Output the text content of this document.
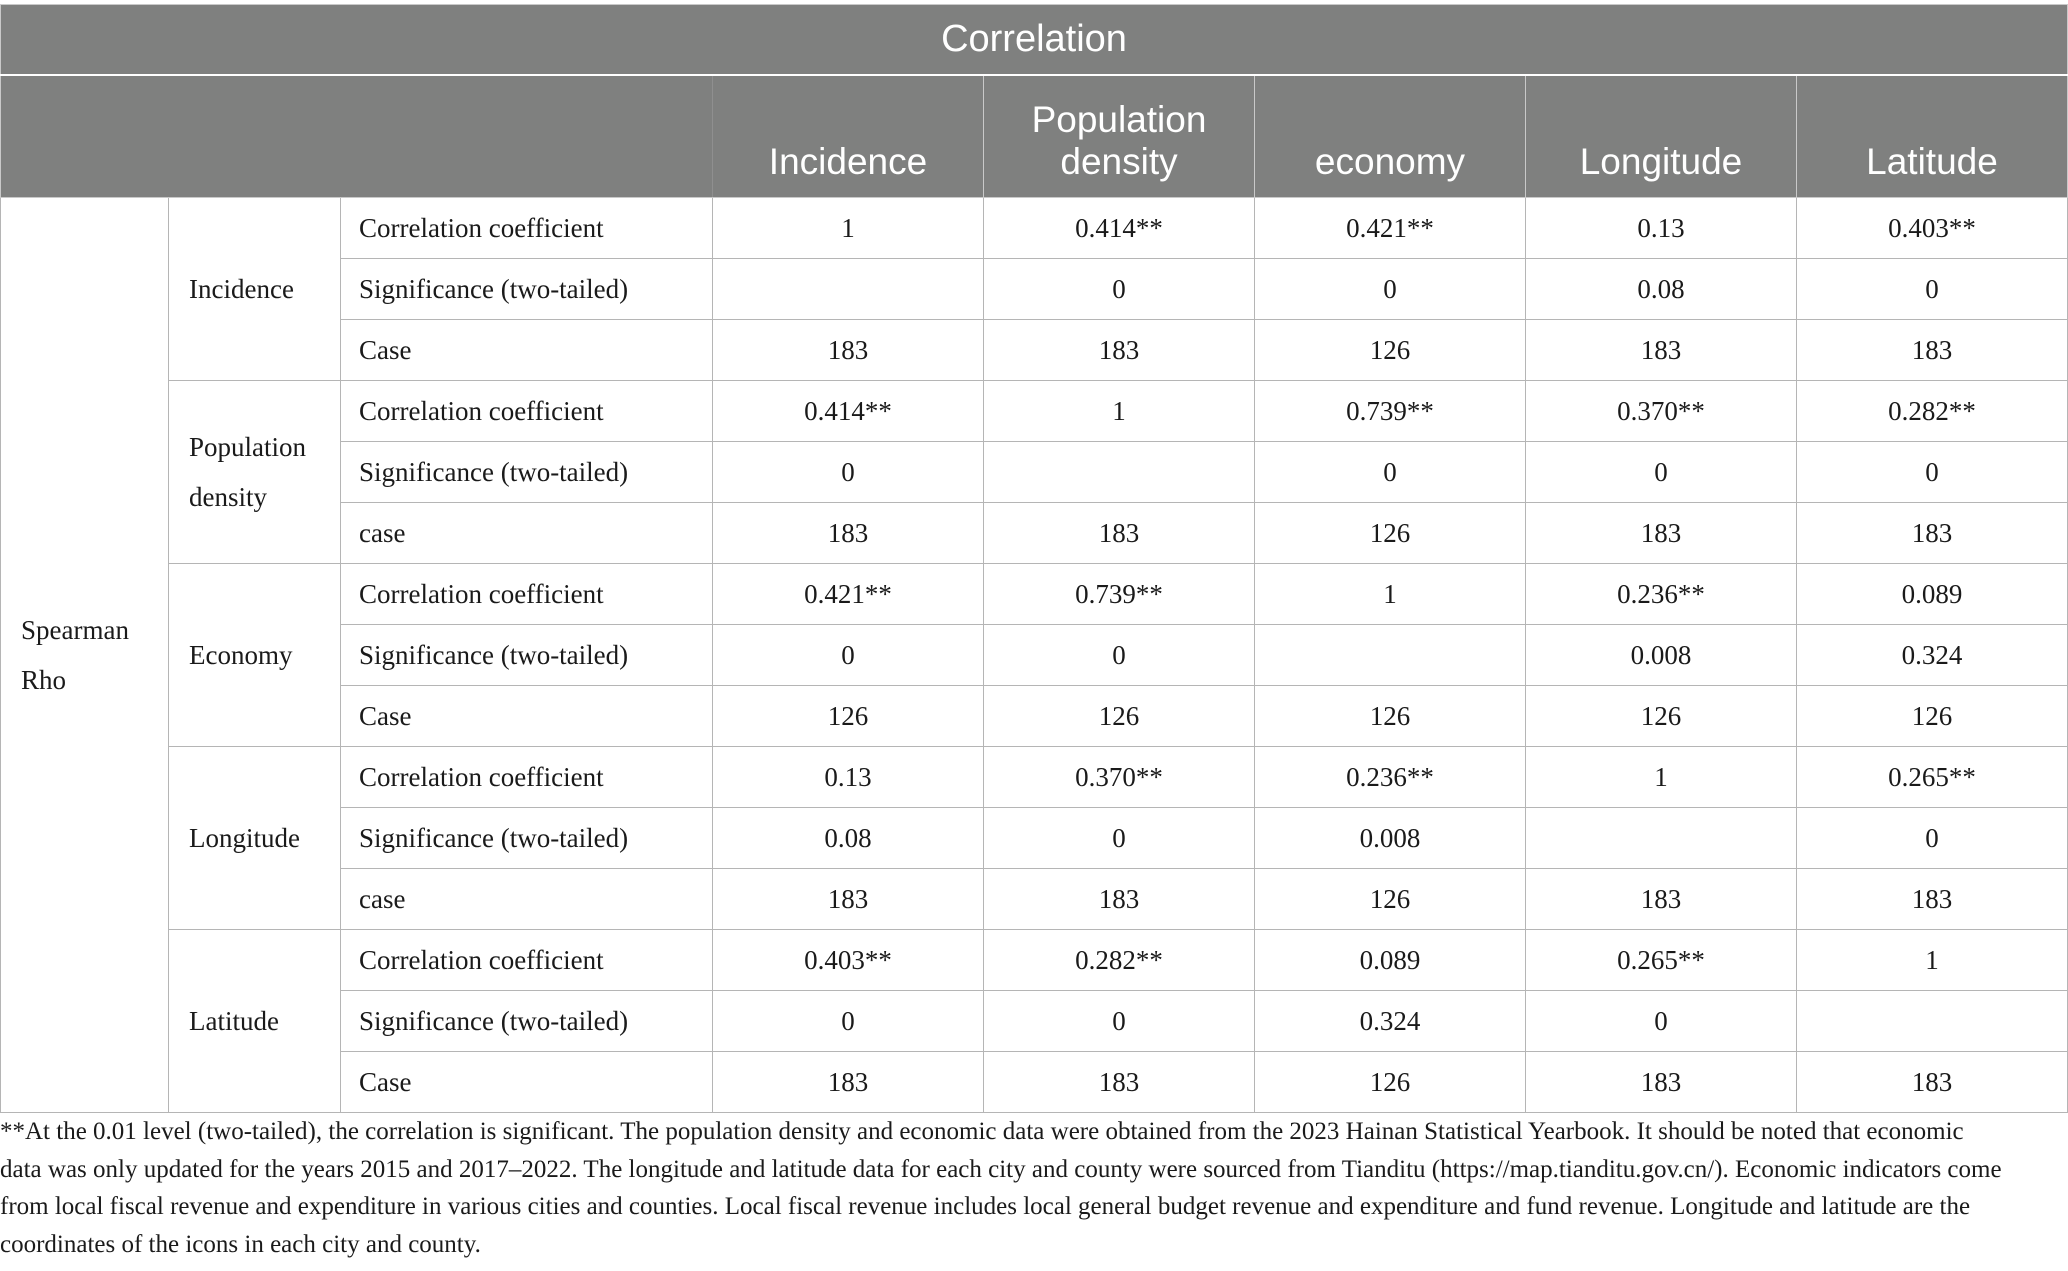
Correlation							
			Incidence	Population density	economy	Longitude	Latitude
Spearman Rho	Incidence	Correlation coefficient	1	0.414**	0.421**	0.13	0.403**
		Significance (two-tailed)		0	0	0.08	0
		Case	183	183	126	183	183
	Population density	Correlation coefficient	0.414**	1	0.739**	0.370**	0.282**
		Significance (two-tailed)	0		0	0	0
		case	183	183	126	183	183
	Economy	Correlation coefficient	0.421**	0.739**	1	0.236**	0.089
		Significance (two-tailed)	0	0		0.008	0.324
		Case	126	126	126	126	126
	Longitude	Correlation coefficient	0.13	0.370**	0.236**	1	0.265**
		Significance (two-tailed)	0.08	0	0.008		0
		case	183	183	126	183	183
	Latitude	Correlation coefficient	0.403**	0.282**	0.089	0.265**	1
		Significance (two-tailed)	0	0	0.324	0	
		Case	183	183	126	183	183
**At the 0.01 level (two-tailed), the correlation is significant. The population density and economic data were obtained from the 2023 Hainan Statistical Yearbook. It should be noted that economic data was only updated for the years 2015 and 2017–2022. The longitude and latitude data for each city and county were sourced from Tianditu (https://map.tianditu.gov.cn/). Economic indicators come from local fiscal revenue and expenditure in various cities and counties. Local fiscal revenue includes local general budget revenue and expenditure and fund revenue. Longitude and latitude are the coordinates of the icons in each city and county.
